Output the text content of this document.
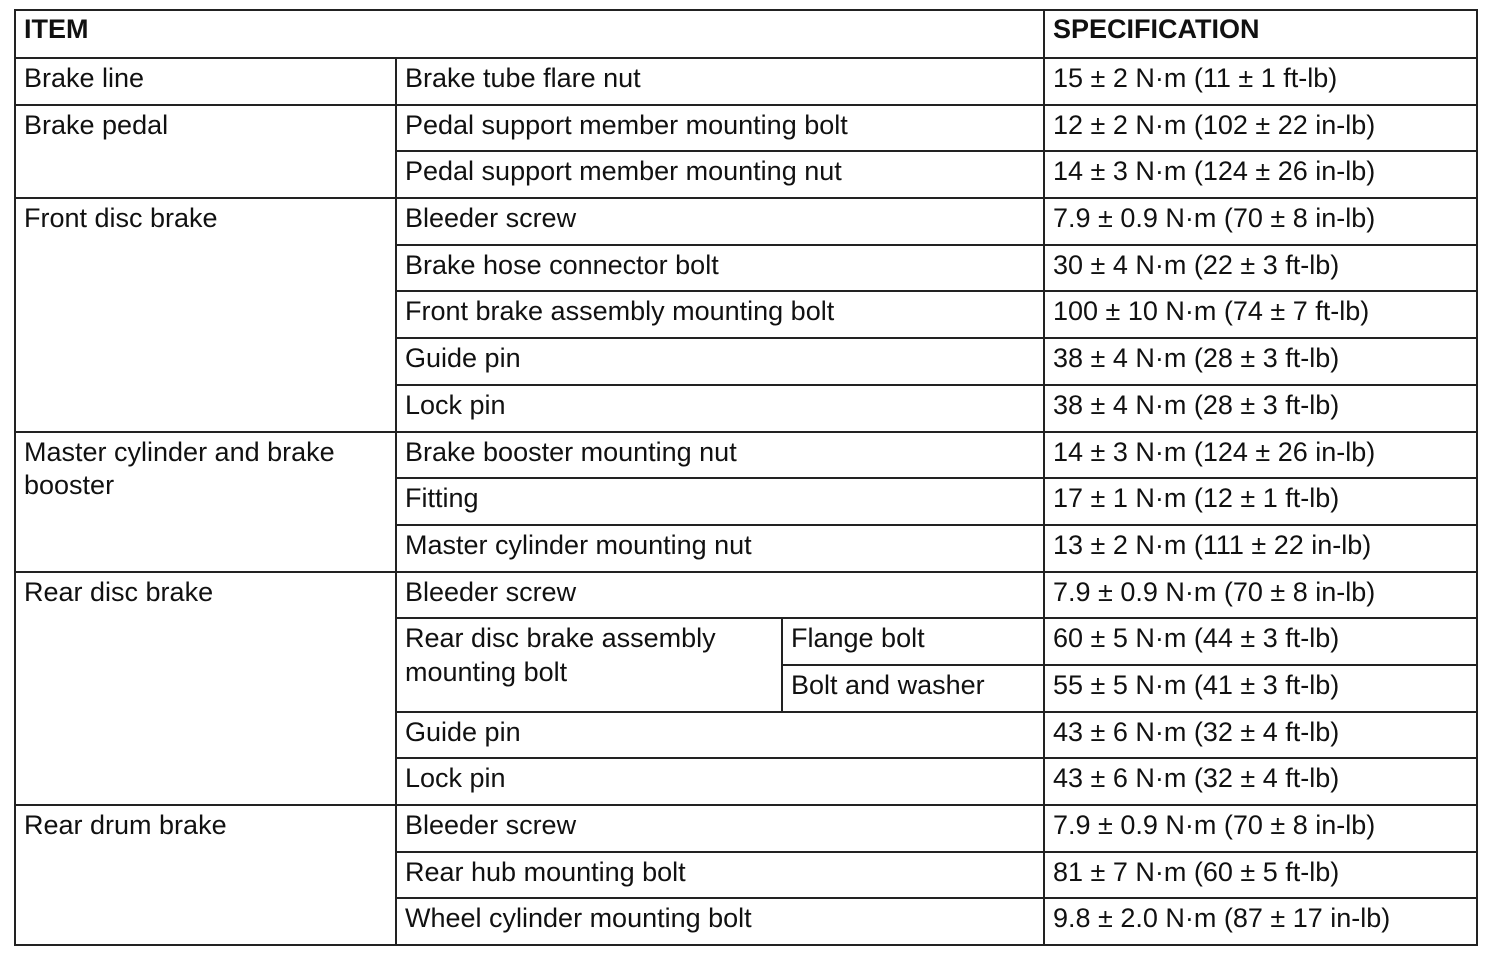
ITEM			SPECIFICATION
Brake line	Brake tube flare nut		15 ± 2 N·m (11 ± 1 ft-lb)
Brake pedal	Pedal support member mounting bolt		12 ± 2 N·m (102 ± 22 in-lb)
	Pedal support member mounting nut		14 ± 3 N·m (124 ± 26 in-lb)
Front disc brake	Bleeder screw		7.9 ± 0.9 N·m (70 ± 8 in-lb)
	Brake hose connector bolt		30 ± 4 N·m (22 ± 3 ft-lb)
	Front brake assembly mounting bolt		100 ± 10 N·m (74 ± 7 ft-lb)
	Guide pin		38 ± 4 N·m (28 ± 3 ft-lb)
	Lock pin		38 ± 4 N·m (28 ± 3 ft-lb)
Master cylinder and brake booster	Brake booster mounting nut		14 ± 3 N·m (124 ± 26 in-lb)
	Fitting		17 ± 1 N·m (12 ± 1 ft-lb)
	Master cylinder mounting nut		13 ± 2 N·m (111 ± 22 in-lb)
Rear disc brake	Bleeder screw		7.9 ± 0.9 N·m (70 ± 8 in-lb)
	Rear disc brake assembly mounting bolt	Flange bolt	60 ± 5 N·m (44 ± 3 ft-lb)
		Bolt and washer	55 ± 5 N·m (41 ± 3 ft-lb)
	Guide pin		43 ± 6 N·m (32 ± 4 ft-lb)
	Lock pin		43 ± 6 N·m (32 ± 4 ft-lb)
Rear drum brake	Bleeder screw		7.9 ± 0.9 N·m (70 ± 8 in-lb)
	Rear hub mounting bolt		81 ± 7 N·m (60 ± 5 ft-lb)
	Wheel cylinder mounting bolt		9.8 ± 2.0 N·m (87 ± 17 in-lb)
